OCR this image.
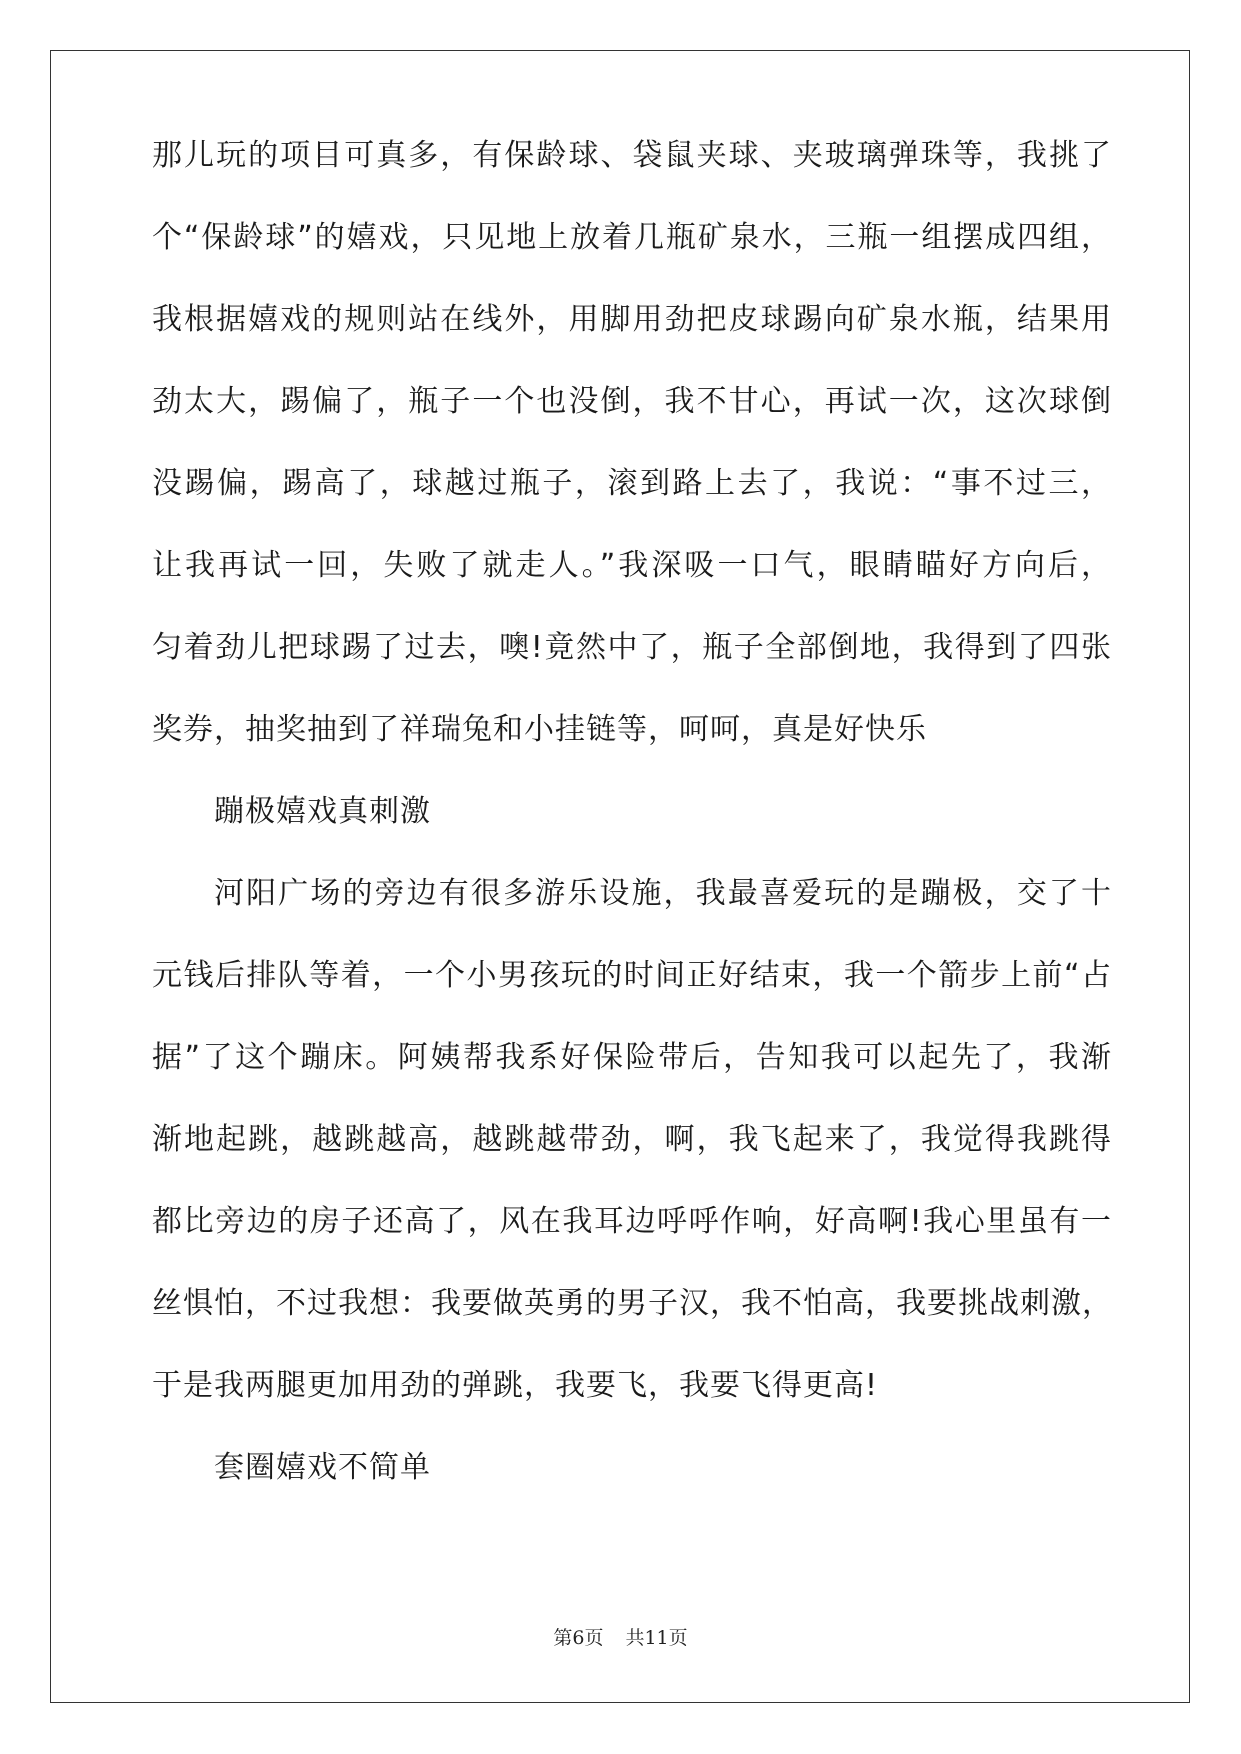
那儿玩的项目可真多，有保龄球、袋鼠夹球、夹玻璃弹珠等，我挑了
个“保龄球”的嬉戏，只见地上放着几瓶矿泉水，三瓶一组摆成四组，
我根据嬉戏的规则站在线外，用脚用劲把皮球踢向矿泉水瓶，结果用
劲太大，踢偏了，瓶子一个也没倒，我不甘心，再试一次，这次球倒
没踢偏，踢高了，球越过瓶子，滚到路上去了，我说：“事不过三，
让我再试一回，失败了就走人。”我深吸一口气，眼睛瞄好方向后，
匀着劲儿把球踢了过去，噢!竟然中了，瓶子全部倒地，我得到了四张
奖券，抽奖抽到了祥瑞兔和小挂链等，呵呵，真是好快乐
蹦极嬉戏真刺激
河阳广场的旁边有很多游乐设施，我最喜爱玩的是蹦极，交了十
元钱后排队等着，一个小男孩玩的时间正好结束，我一个箭步上前“占
据”了这个蹦床。阿姨帮我系好保险带后，告知我可以起先了，我渐
渐地起跳，越跳越高，越跳越带劲，啊，我飞起来了，我觉得我跳得
都比旁边的房子还高了，风在我耳边呼呼作响，好高啊!我心里虽有一
丝惧怕，不过我想：我要做英勇的男子汉，我不怕高，我要挑战刺激，
于是我两腿更加用劲的弹跳，我要飞，我要飞得更高!
套圈嬉戏不简单
第6页 共11页
